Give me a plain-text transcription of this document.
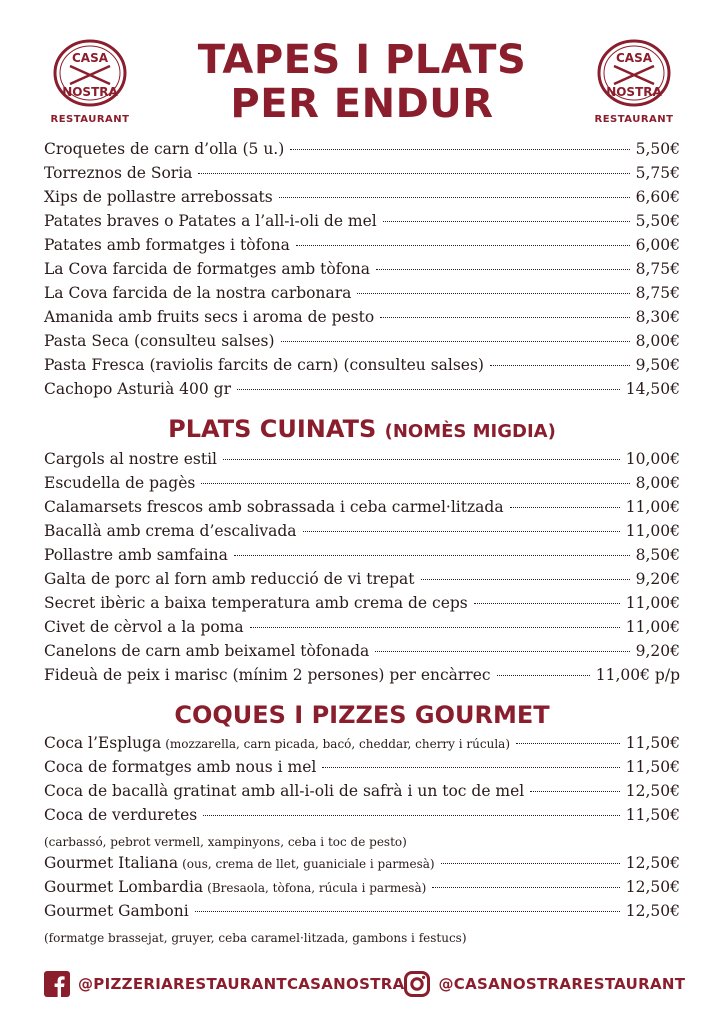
CASA
NOSTRA
RESTAURANT
CASA
NOSTRA
RESTAURANT
TAPES I PLATS
PER ENDUR
Croquetes de carn d’olla (5 u.)	5,50€
Torreznos de Soria	5,75€
Xips de pollastre arrebossats	6,60€
Patates braves o Patates a l’all-i-oli de mel	5,50€
Patates amb formatges i tòfona	6,00€
La Cova farcida de formatges amb tòfona	8,75€
La Cova farcida de la nostra carbonara	8,75€
Amanida amb fruits secs i aroma de pesto	8,30€
Pasta Seca (consulteu salses)	8,00€
Pasta Fresca (raviolis farcits de carn) (consulteu salses)	9,50€
Cachopo Asturià 400 gr	14,50€
PLATS CUINATS (NOMÈS MIGDIA)
Cargols al nostre estil	10,00€
Escudella de pagès	8,00€
Calamarsets frescos amb sobrassada i ceba carmel·litzada	11,00€
Bacallà amb crema d’escalivada	11,00€
Pollastre amb samfaina	8,50€
Galta de porc al forn amb reducció de vi trepat	9,20€
Secret ibèric a baixa temperatura amb crema de ceps	11,00€
Civet de cèrvol a la poma	11,00€
Canelons de carn amb beixamel tòfonada	9,20€
Fideuà de peix i marisc (mínim 2 persones) per encàrrec	11,00€ p/p
COQUES I PIZZES GOURMET
Coca l’Espluga (mozzarella, carn picada, bacó, cheddar, cherry i rúcula)	11,50€
Coca de formatges amb nous i mel	11,50€
Coca de bacallà gratinat amb all-i-oli de safrà i un toc de mel	12,50€
Coca de verduretes	11,50€
(carbassó, pebrot vermell, xampinyons, ceba i toc de pesto)
Gourmet Italiana (ous, crema de llet, guaniciale i parmesà)	12,50€
Gourmet Lombardia (Bresaola, tòfona, rúcula i parmesà)	12,50€
Gourmet Gamboni	12,50€
(formatge brassejat, gruyer, ceba caramel·litzada, gambons i festucs)
@PIZZERIARESTAURANTCASANOSTRA @CASANOSTRARESTAURANT
